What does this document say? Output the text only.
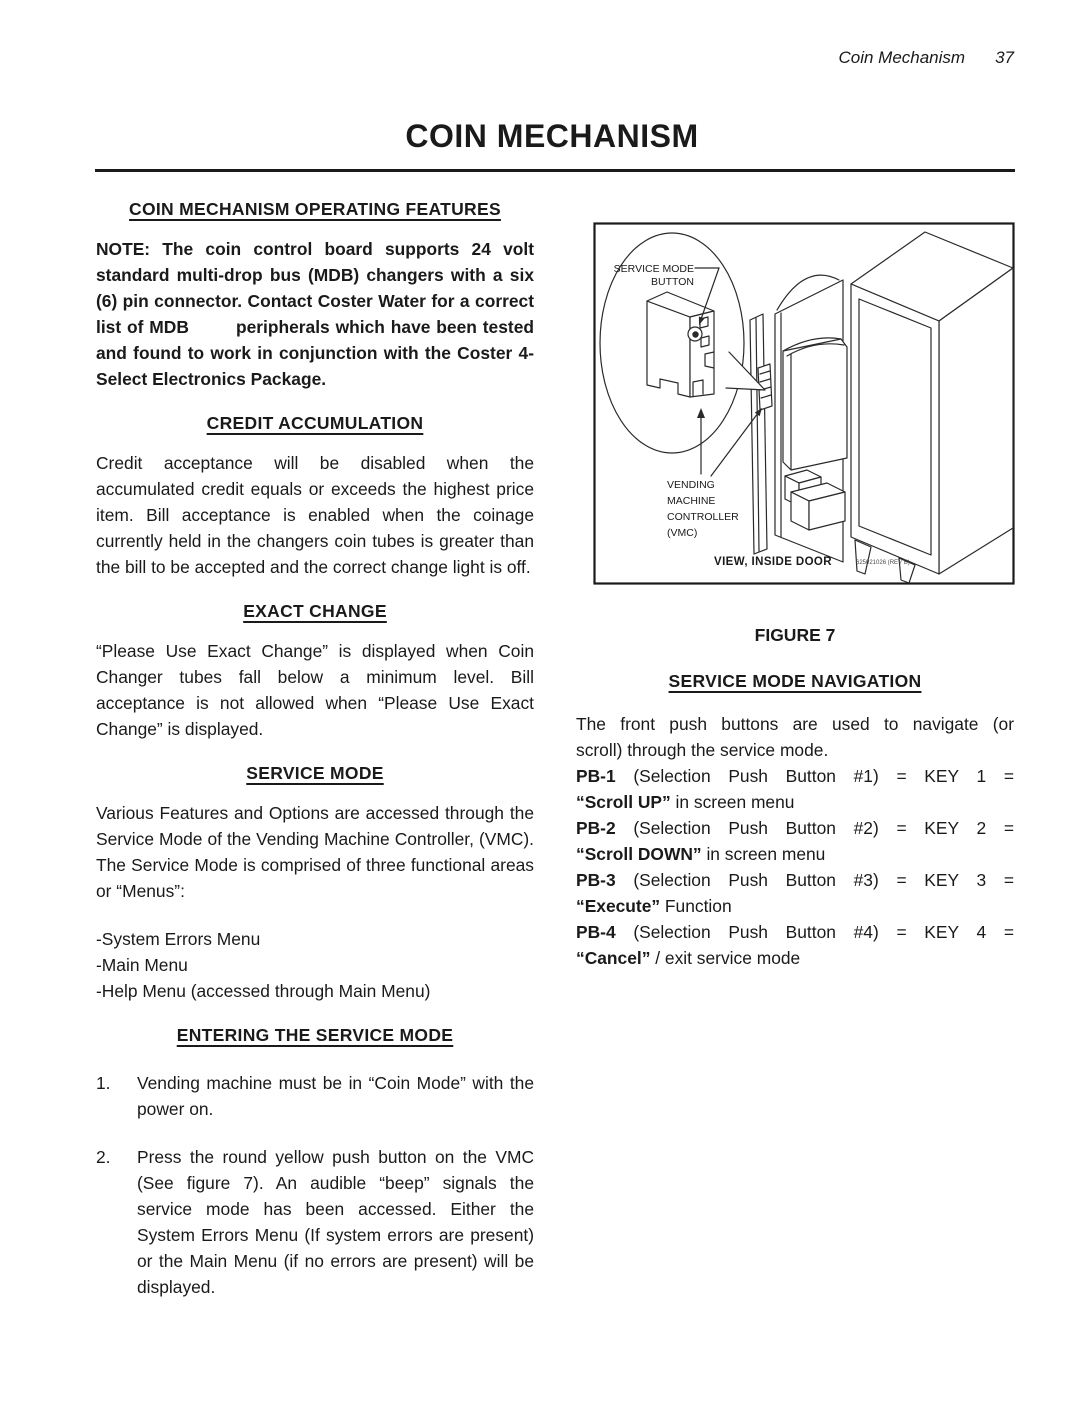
Coin Mechanism 37
COIN MECHANISM
COIN MECHANISM OPERATING FEATURES

NOTE: The coin control board supports 24 volt standard multi-drop bus (MDB) changers with a six (6) pin connector. Contact Coster Water for a correct list of MDB        peripherals which have been tested and found to work in conjunction with the Coster 4-Select Electronics Package.

CREDIT ACCUMULATION

Credit acceptance will be disabled when the accumulated credit equals or exceeds the highest price item. Bill acceptance is enabled when the coinage currently held in the changers coin tubes is greater than the bill to be accepted and the correct change light is off.

EXACT CHANGE

“Please Use Exact Change” is displayed when Coin Changer tubes fall below a minimum level. Bill acceptance is not allowed when “Please Use Exact Change” is displayed.

SERVICE MODE

Various Features and Options are accessed through the Service Mode of the Vending Machine Controller, (VMC). The Service Mode is comprised of three functional areas or “Menus”:

-System Errors Menu
-Main Menu
-Help Menu (accessed through Main Menu)
ENTERING THE SERVICE MODE
1.	Vending machine must be in “Coin Mode” with the power on.
2.	Press the round yellow push button on the VMC (See figure 7). An audible “beep” signals the service mode has been accessed. Either the System Errors Menu (If system errors are present) or the Main Menu (if no errors are present) will be displayed.
SERVICE MODE
BUTTON
VENDING
MACHINE
CONTROLLER
(VMC)
VIEW, INSIDE DOOR	625021026 (REV B)
FIGURE 7
SERVICE MODE NAVIGATION
The front push buttons are used to navigate (or
scroll) through the service mode.
PB-1 (Selection Push Button #1) = KEY 1 =
“Scroll UP” in screen menu
PB-2 (Selection Push Button #2) = KEY 2 =
“Scroll DOWN” in screen menu
PB-3 (Selection Push Button #3) = KEY 3 =
“Execute” Function
PB-4 (Selection Push Button #4) = KEY 4 =
“Cancel” / exit service mode
